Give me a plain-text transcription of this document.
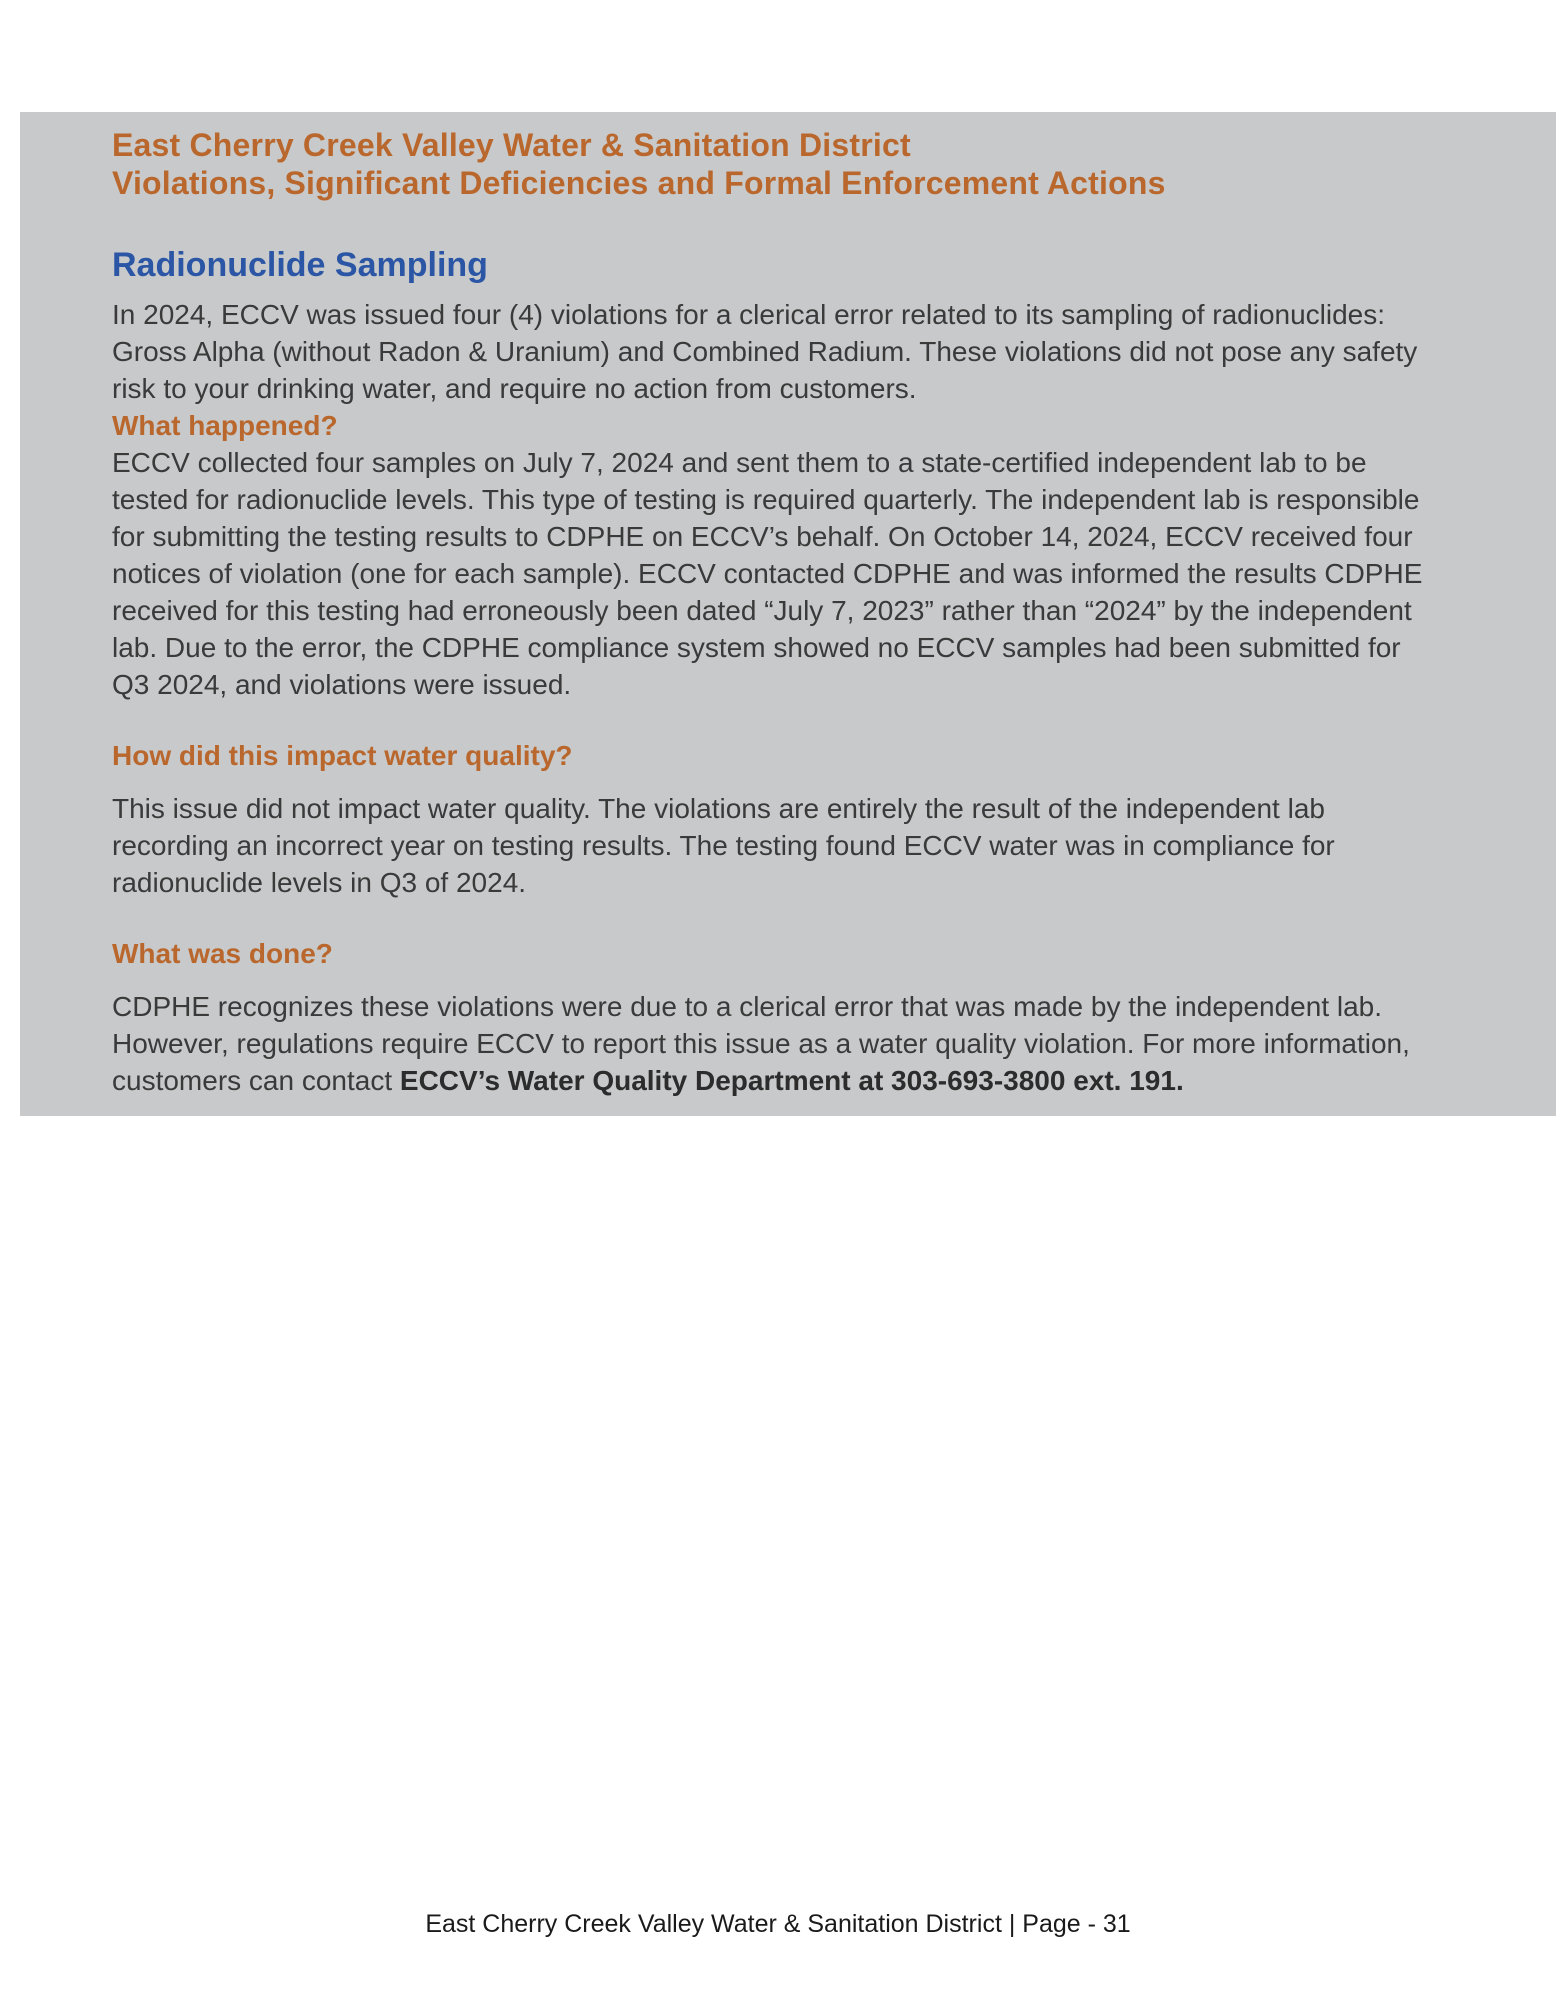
East Cherry Creek Valley Water & Sanitation District
Violations, Significant Deficiencies and Formal Enforcement Actions
Radionuclide Sampling

In 2024, ECCV was issued four (4) violations for a clerical error related to its sampling of radionuclides: Gross Alpha (without Radon & Uranium) and Combined Radium. These violations did not pose any safety risk to your drinking water, and require no action from customers.

What happened?

ECCV collected four samples on July 7, 2024 and sent them to a state-certified independent lab to be tested for radionuclide levels. This type of testing is required quarterly. The independent lab is responsible for submitting the testing results to CDPHE on ECCV’s behalf. On October 14, 2024, ECCV received four notices of violation (one for each sample). ECCV contacted CDPHE and was informed the results CDPHE received for this testing had erroneously been dated “July 7, 2023” rather than “2024” by the independent lab. Due to the error, the CDPHE compliance system showed no ECCV samples had been submitted for Q3 2024, and violations were issued.

How did this impact water quality?

This issue did not impact water quality. The violations are entirely the result of the independent lab recording an incorrect year on testing results. The testing found ECCV water was in compliance for radionuclide levels in Q3 of 2024.

What was done?

CDPHE recognizes these violations were due to a clerical error that was made by the independent lab. However, regulations require ECCV to report this issue as a water quality violation. For more information, customers can contact ECCV’s Water Quality Department at 303-693-3800 ext. 191.

East Cherry Creek Valley Water & Sanitation District | Page - 31
